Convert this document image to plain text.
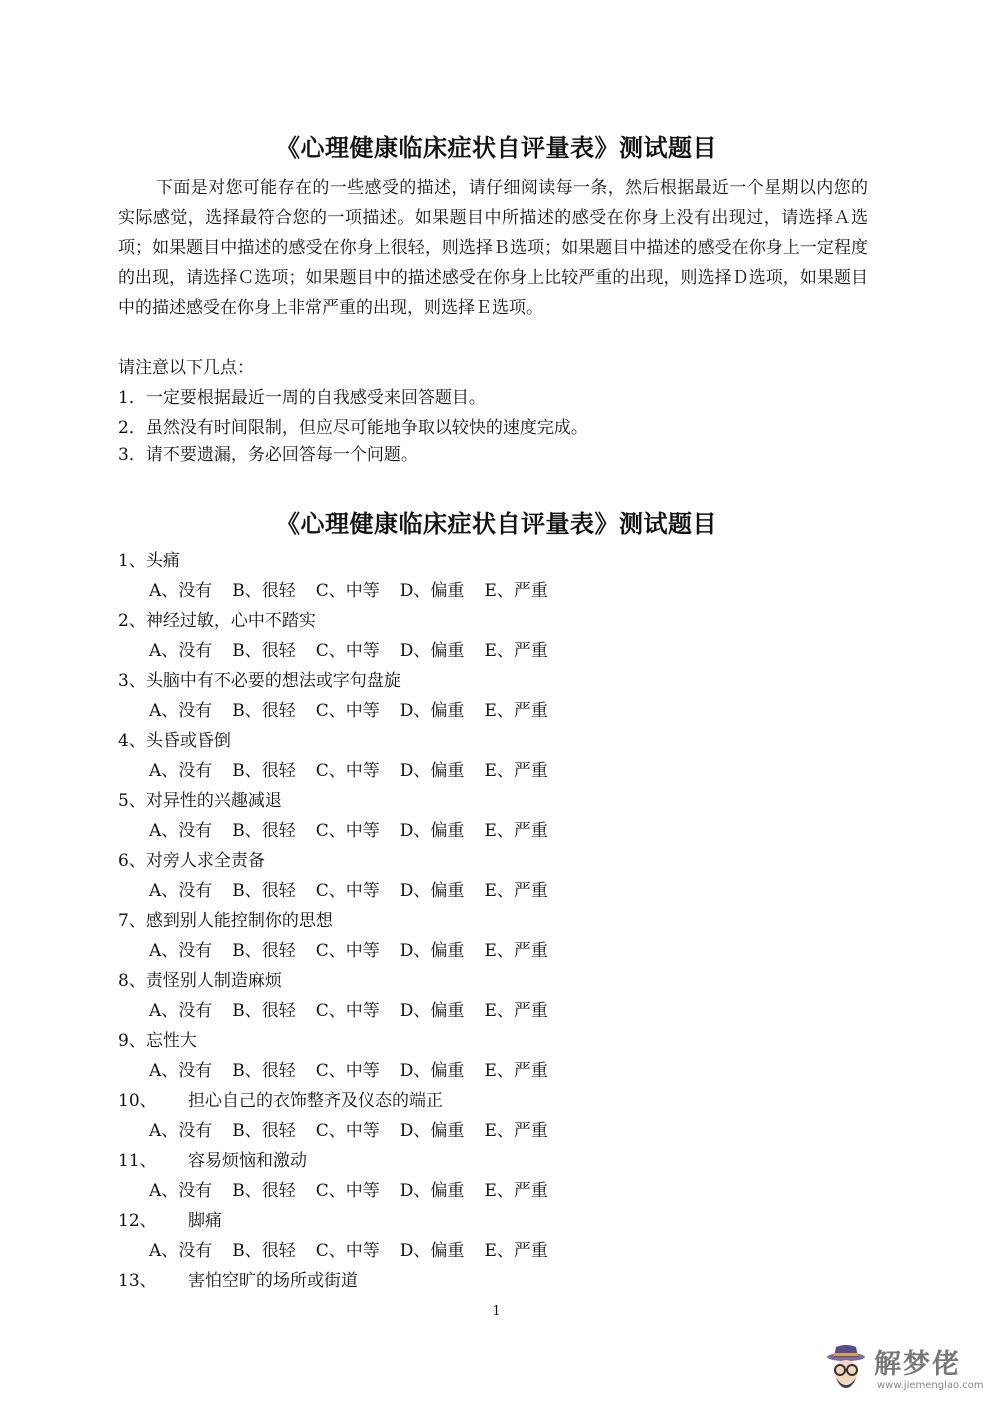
《心理健康临床症状自评量表》测试题目

下面是对您可能存在的一些感受的描述，请仔细阅读每一条，然后根据最近一个星期以内您的实际感觉，选择最符合您的一项描述。如果题目中所描述的感受在你身上没有出现过，请选择Ａ选项；如果题目中描述的感受在你身上很轻，则选择Ｂ选项；如果题目中描述的感受在你身上一定程度的出现，请选择Ｃ选项；如果题目中的描述感受在你身上比较严重的出现，则选择Ｄ选项，如果题目中的描述感受在你身上非常严重的出现，则选择Ｅ选项。

请注意以下几点：
1．一定要根据最近一周的自我感受来回答题目。
2．虽然没有时间限制，但应尽可能地争取以较快的速度完成。
3．请不要遗漏，务必回答每一个问题。
《心理健康临床症状自评量表》测试题目
1、头痛
A、没有 B、很轻 C、中等 D、偏重 E、严重
2、神经过敏，心中不踏实
A、没有 B、很轻 C、中等 D、偏重 E、严重
3、头脑中有不必要的想法或字句盘旋
A、没有 B、很轻 C、中等 D、偏重 E、严重
4、头昏或昏倒
A、没有 B、很轻 C、中等 D、偏重 E、严重
5、对异性的兴趣减退
A、没有 B、很轻 C、中等 D、偏重 E、严重
6、对旁人求全责备
A、没有 B、很轻 C、中等 D、偏重 E、严重
7、感到别人能控制你的思想
A、没有 B、很轻 C、中等 D、偏重 E、严重
8、责怪别人制造麻烦
A、没有 B、很轻 C、中等 D、偏重 E、严重
9、忘性大
A、没有 B、很轻 C、中等 D、偏重 E、严重
10、 担心自己的衣饰整齐及仪态的端正
A、没有 B、很轻 C、中等 D、偏重 E、严重
11、 容易烦恼和激动
A、没有 B、很轻 C、中等 D、偏重 E、严重
12、 脚痛
A、没有 B、很轻 C、中等 D、偏重 E、严重
13、 害怕空旷的场所或街道
1
解梦佬
www.jiemenglao.com
